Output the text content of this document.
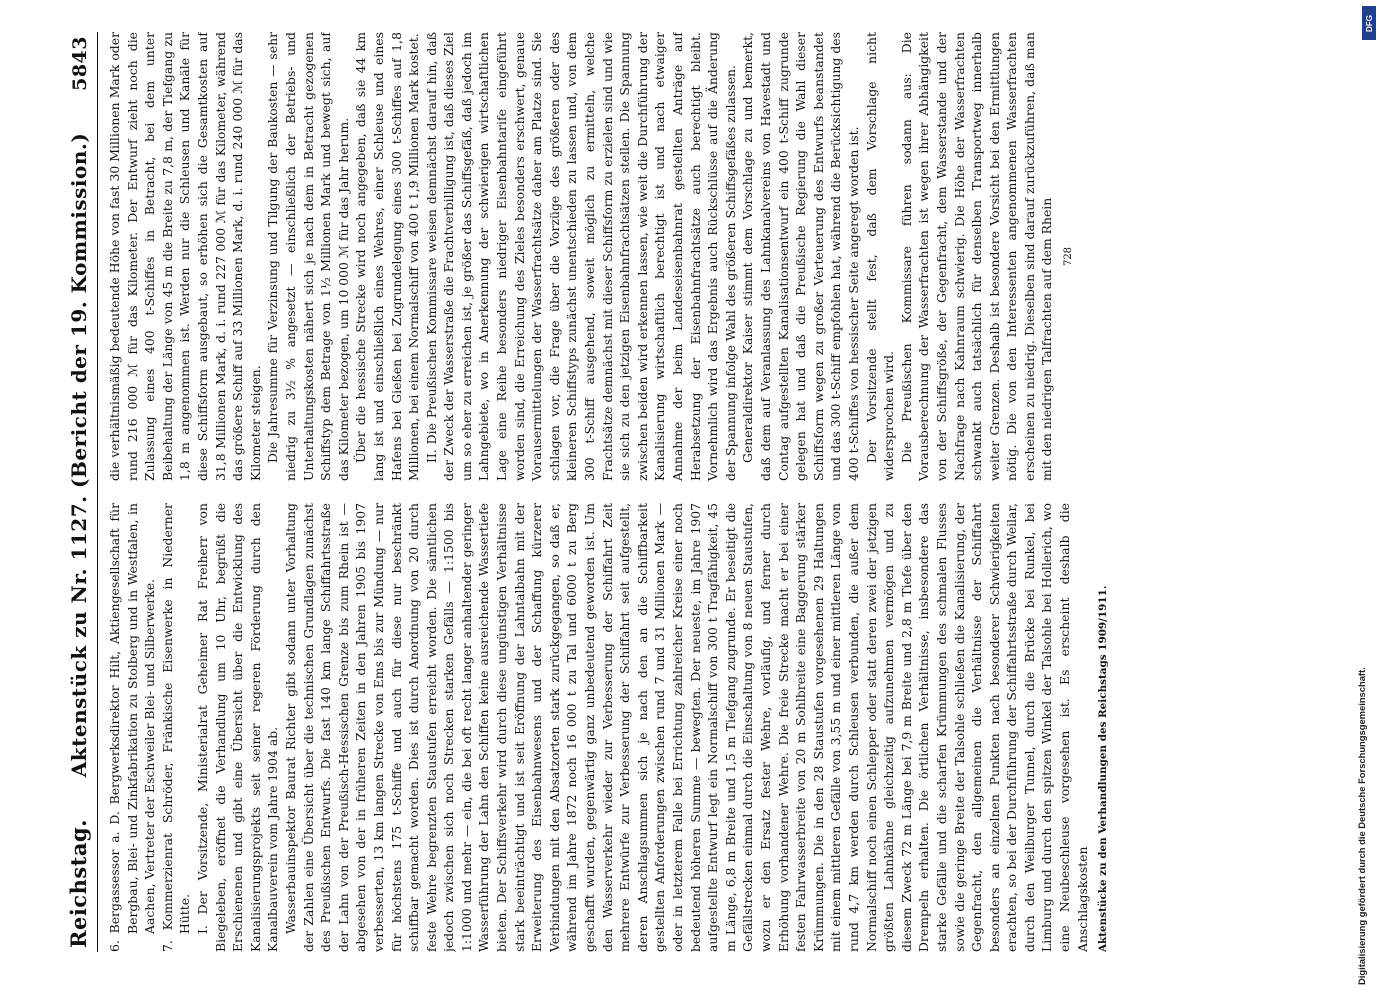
Reichstag.
Aktenstück zu Nr. 1127. (Bericht der 19. Kommission.)
5843

6. Bergassessor a. D. Bergwerksdirektor Hilt, Aktiengesellschaft für Bergbau, Blei- und Zinkfabrikation zu Stolberg und in Westfalen, in Aachen, Vertreter der Eschweiler Blei- und Silberwerke. 7. Kommerzienrat Schröder, Fränkische Eisenwerke in Niederner Hütte. I. Der Vorsitzende, Ministerialrat Geheimer Rat Freiherr von Biegeleben, eröffnet die Verhandlung um 10 Uhr, begrüßt die Erschienenen und gibt eine Übersicht über die Entwicklung des Kanalisierungsprojekts seit seiner regeren Förderung durch den Kanalbauverein vom Jahre 1904 ab. Wasserbauinspektor Baurat Richter gibt sodann unter Vorhaltung der Zahlen eine Übersicht über die technischen Grundlagen zunächst des Preußischen Entwurfs. Die fast 140 km lange Schiffahrtsstraße der Lahn von der Preußisch-Hessischen Grenze bis zum Rhein ist — abgesehen von der in früheren Zeiten in den Jahren 1905 bis 1907 verbesserten, 13 km langen Strecke von Ems bis zur Mündung — nur für höchstens 175 t-Schiffe und auch für diese nur beschränkt schiffbar gemacht worden. Dies ist durch Anordnung von 20 durch feste Wehre begrenzten Staustufen erreicht worden. Die sämtlichen jedoch zwischen sich noch Strecken starken Gefälls — 1:1500 bis 1:1000 und mehr — ein, die bei oft recht langer anhaltender geringer Wasserführung der Lahn den Schiffen keine ausreichende Wassertiefe bieten. Der Schiffsverkehr wird durch diese ungünstigen Verhältnisse stark beeinträchtigt und ist seit Eröffnung der Lahntalbahn mit der Erweiterung des Eisenbahnwesens und der Schaffung kürzerer Verbindungen mit den Absatzorten stark zurückgegangen, so daß er, während im Jahre 1872 noch 16 000 t zu Tal und 6000 t zu Berg geschafft wurden, gegenwärtig ganz unbedeutend geworden ist. Um den Wasserverkehr wieder zur Verbesserung der Schiffahrt Zeit mehrere Entwürfe zur Verbesserung der Schiffahrt seit aufgestellt, deren Anschlagsummen sich je nach den an die Schiffbarkeit gestellten Anforderungen zwischen rund 7 und 31 Millionen Mark — oder in letzterem Falle bei Errichtung zahlreicher Kreise einer noch bedeutend höheren Summe — bewegten. Der neueste, im Jahre 1907 aufgestellte Entwurf legt ein Normalschiff von 300 t Tragfähigkeit, 45 m Länge, 6,8 m Breite und 1,5 m Tiefgang zugrunde. Er beseitigt die Gefällstrecken einmal durch die Einschaltung von 8 neuen Staustufen, wozu er den Ersatz fester Wehre, vorläufig, und ferner durch Erhöhung vorhandener Wehre. Die freie Strecke macht er bei einer festen Fahrwasserbreite von 20 m Sohlbreite eine Baggerung stärker Krümmungen. Die in den 28 Staustufen vorgesehenen 29 Haltungen mit einem mittleren Gefälle von 3,55 m und einer mittleren Länge von rund 4,7 km werden durch Schleusen verbunden, die außer dem Normalschiff noch einen Schlepper oder statt deren zwei der jetzigen größten Lahnkähne gleichzeitig aufzunehmen vermögen und zu diesem Zweck 72 m Länge bei 7,9 m Breite und 2,8 m Tiefe über den Drempeln erhalten. Die örtlichen Verhältnisse, insbesondere das starke Gefälle und die scharfen Krümmungen des schmalen Flusses sowie die geringe Breite der Talsohle schließen die Kanalisierung, der Gegenfracht, den allgemeinen die Verhältnisse der Schiffahrt besonders an einzelnen Punkten nach besonderer Schwierigkeiten erachten, so bei der Durchführung der Schiffahrtsstraße durch Weilar, durch den Weilburger Tunnel, durch die Brücke bei Runkel, bei Limburg und durch den spitzen Winkel der Talsohle bei Hollerich, wo eine Neubeschleuse vorgesehen ist. Es erscheint deshalb die Anschlagskosten Aktenstücke zu den Verhandlungen des Reichstags 1909/1911.

die verhältnismäßig bedeutende Höhe von fast 30 Millionen Mark oder rund 216 000 ℳ für das Kilometer. Der Entwurf zieht noch die Zulassung eines 400 t-Schiffes in Betracht, bei dem unter Beibehaltung der Länge von 45 m die Breite zu 7,8 m, der Tiefgang zu 1,8 m angenommen ist. Werden nur die Schleusen und Kanäle für diese Schiffsform ausgebaut, so erhöhen sich die Gesamtkosten auf 31,8 Millionen Mark, d. i. rund 227 000 ℳ für das Kilometer, während das größere Schiff auf 33 Millionen Mark, d. i. rund 240 000 ℳ für das Kilometer steigen. Die Jahresumme für Verzinsung und Tilgung der Baukosten — sehr niedrig zu 3½ % angesetzt — einschließlich der Betriebs- und Unterhaltungskosten nähert sich je nach dem in Betracht gezogenen Schiffstyp dem Betrage von 1½ Millionen Mark und bewegt sich, auf das Kilometer bezogen, um 10 000 ℳ für das Jahr herum. Über die hessische Strecke wird noch angegeben, daß sie 44 km lang ist und einschließlich eines Wehres, einer Schleuse und eines Hafens bei Gießen bei Zugrundelegung eines 300 t-Schiffes auf 1,8 Millionen, bei einem Normalschiff von 400 t 1,9 Millionen Mark kostet. II. Die Preußischen Kommissare weisen demnächst darauf hin, daß der Zweck der Wasserstraße die Frachtverbilligung ist, daß dieses Ziel um so eher zu erreichen ist, je größer das Schiffsgefäß, daß jedoch im Lahngebiete, wo in Anerkennung der schwierigen wirtschaftlichen Lage eine Reihe besonders niedriger Eisenbahntarife eingeführt worden sind, die Erreichung des Zieles besonders erschwert, genaue Vorausermittelungen der Wasserfrachtsätze daher am Platze sind. Sie schlagen vor, die Frage über die Vorzüge des größeren oder des kleineren Schiffstyps zunächst unentschieden zu lassen und, von dem 300 t-Schiff ausgehend, soweit möglich zu ermitteln, welche Frachtsätze demnächst mit dieser Schiffsform zu erzielen sind und wie sie sich zu den jetzigen Eisenbahnfrachtsätzen stellen. Die Spannung zwischen beiden wird erkennen lassen, wie weit die Durchführung der Kanalisierung wirtschaftlich berechtigt ist und nach etwaiger Annahme der beim Landeseisenbahnrat gestellten Anträge auf Herabsetzung der Eisenbahnfrachtsätze auch berechtigt bleibt. Vornehmlich wird das Ergebnis auch Rückschlüsse auf die Änderung der Spannung infolge Wahl des größeren Schiffsgefäßes zulassen. Generaldirektor Kaiser stimmt dem Vorschlage zu und bemerkt, daß dem auf Veranlassung des Lahnkanalvereins von Havestadt und Contag aufgestellten Kanalisationsentwurf ein 400 t-Schiff zugrunde gelegen hat und daß die Preußische Regierung die Wahl dieser Schiffsform wegen zu großer Verteuerung des Entwurfs beanstandet und das 300 t-Schiff empfohlen hat, während die Berücksichtigung des 400 t-Schiffes von hessischer Seite angeregt worden ist. Der Vorsitzende stellt fest, daß dem Vorschlage nicht widersprochen wird. Die Preußischen Kommissare führen sodann aus: Die Vorausberechnung der Wasserfrachten ist wegen ihrer Abhängigkeit von der Schiffsgröße, der Gegenfracht, dem Wasserstande und der Nachfrage nach Kahnraum schwierig. Die Höhe der Wasserfrachten schwankt auch tatsächlich für denselben Transportweg innerhalb weiter Grenzen. Deshalb ist besondere Vorsicht bei den Ermittlungen nötig. Die von den Interessenten angenommenen Wasserfrachten erscheinen zu niedrig. Dieselben sind darauf zurückzuführen, daß man mit den niedrigen Talfrachten auf dem Rhein 728

Digitalisierung gefördert durch die Deutsche Forschungsgemeinschaft.
DFG
